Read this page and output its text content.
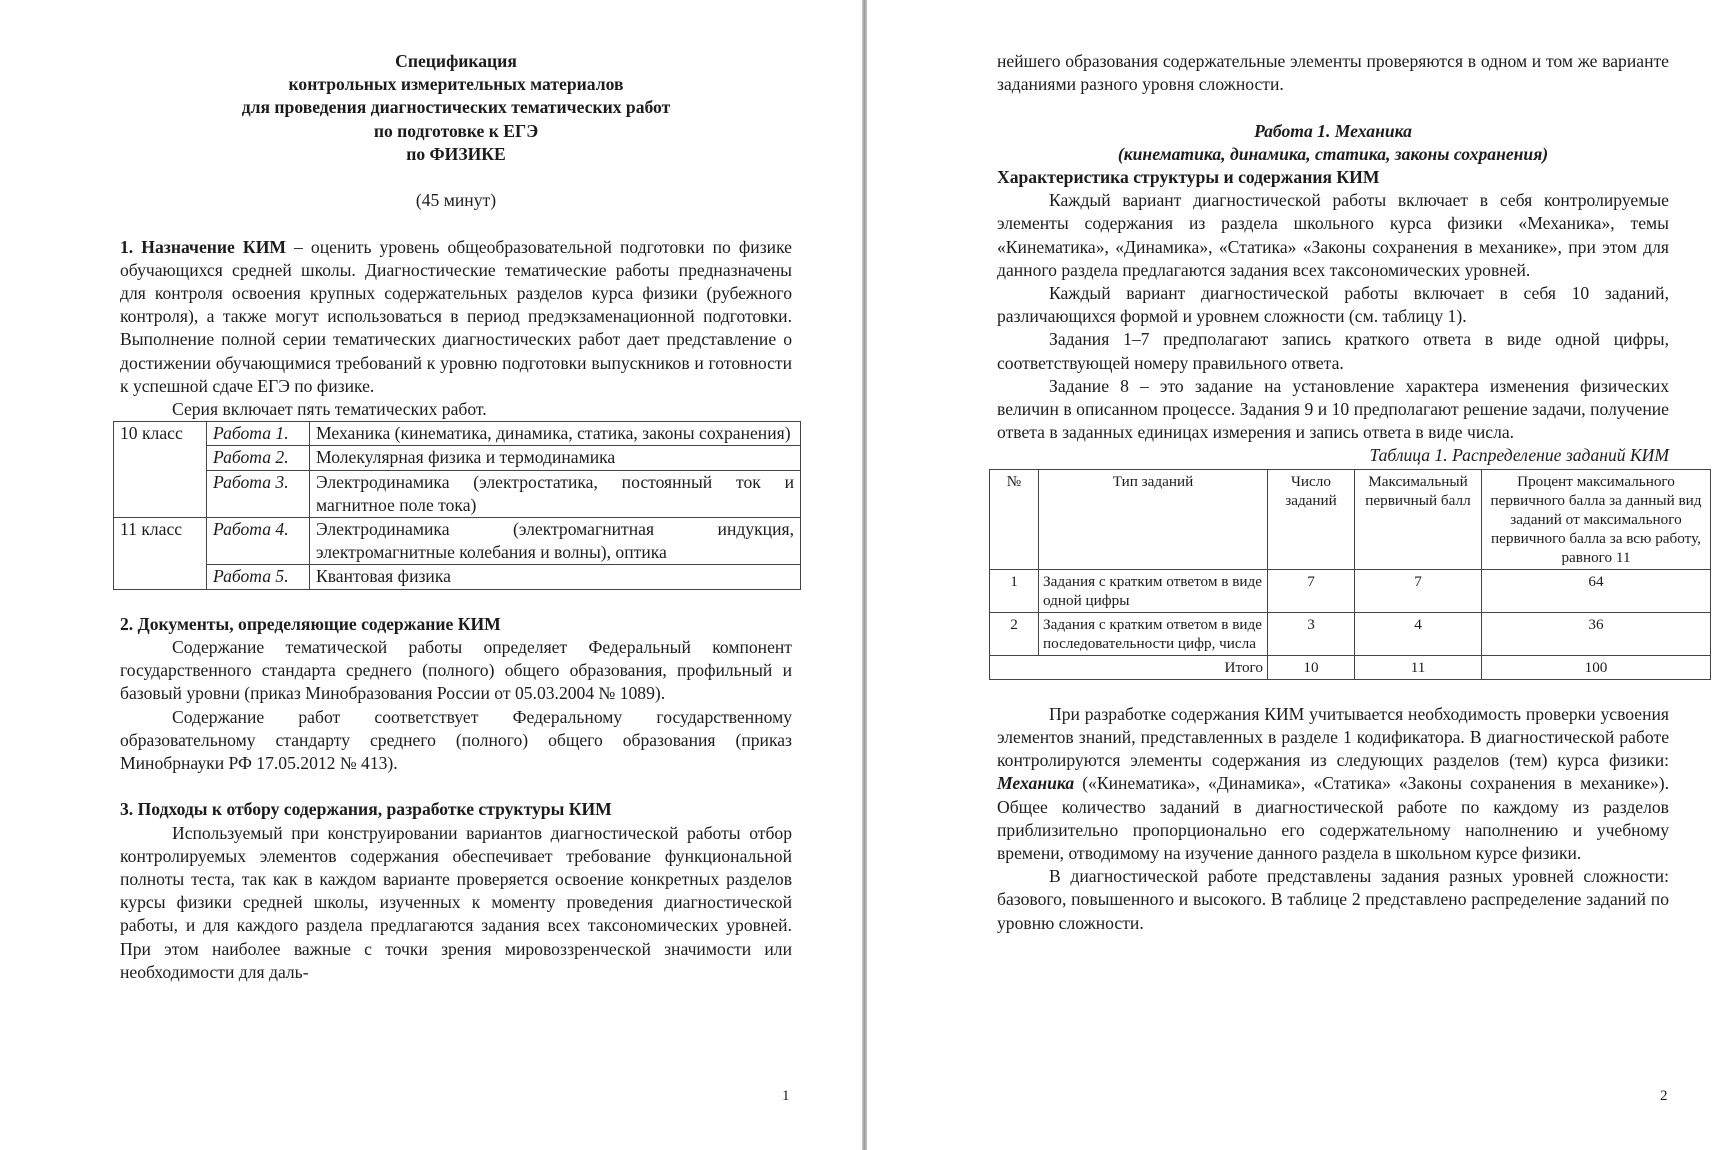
Спецификация
контрольных измерительных материалов
для проведения диагностических тематических работ
по подготовке к ЕГЭ
по ФИЗИКЕ

(45 минут)

1. Назначение КИМ – оценить уровень общеобразовательной подготовки по физике обучающихся средней школы. Диагностические тематические работы предназначены для контроля освоения крупных содержательных разделов курса физики (рубежного контроля), а также могут использоваться в период предэкзаменационной подготовки. Выполнение полной серии тематических диагностических работ дает представление о достижении обучающимися требований к уровню подготовки выпускников и готовности к успешной сдаче ЕГЭ по физике.

Серия включает пять тематических работ.

10 класс	Работа 1.	Механика (кинематика, динамика, статика, законы сохранения)
	Работа 2.	Молекулярная физика и термодинамика
	Работа 3.	Электродинамика (электростатика, постоянный ток и магнитное поле тока)
11 класс	Работа 4.	Электродинамика (электромагнитная индукция, электромагнитные колебания и волны), оптика
	Работа 5.	Квантовая физика

2. Документы, определяющие содержание КИМ

Содержание тематической работы определяет Федеральный компонент государственного стандарта среднего (полного) общего образования, профильный и базовый уровни (приказ Минобразования России от 05.03.2004 № 1089).

Содержание работ соответствует Федеральному государственному образовательному стандарту среднего (полного) общего образования (приказ Минобрнауки РФ 17.05.2012 № 413).

3. Подходы к отбору содержания, разработке структуры КИМ

Используемый при конструировании вариантов диагностической работы отбор контролируемых элементов содержания обеспечивает требование функциональной полноты теста, так как в каждом варианте проверяется освоение конкретных разделов курсы физики средней школы, изученных к моменту проведения диагностической работы, и для каждого раздела предлагаются задания всех таксономических уровней. При этом наиболее важные с точки зрения мировоззренческой значимости или необходимости для даль-

1

нейшего образования содержательные элементы проверяются в одном и том же варианте заданиями разного уровня сложности.

Работа 1. Механика

(кинематика, динамика, статика, законы сохранения)

Характеристика структуры и содержания КИМ

Каждый вариант диагностической работы включает в себя контролируемые элементы содержания из раздела школьного курса физики «Механика», темы «Кинематика», «Динамика», «Статика» «Законы сохранения в механике», при этом для данного раздела предлагаются задания всех таксономических уровней.

Каждый вариант диагностической работы включает в себя 10 заданий, различающихся формой и уровнем сложности (см. таблицу 1).

Задания 1–7 предполагают запись краткого ответа в виде одной цифры, соответствующей номеру правильного ответа.

Задание 8 – это задание на установление характера изменения физических величин в описанном процессе. Задания 9 и 10 предполагают решение задачи, получение ответа в заданных единицах измерения и запись ответа в виде числа.

Таблица 1. Распределение заданий КИМ

№	Тип заданий	Число заданий	Максимальный первичный балл	Процент максимального первичного балла за данный вид заданий от максимального первичного балла за всю работу, равного 11
1	Задания с кратким ответом в виде одной цифры	7	7	64
2	Задания с кратким ответом в виде последовательности цифр, числа	3	4	36
Итого		10	11	100

При разработке содержания КИМ учитывается необходимость проверки усвоения элементов знаний, представленных в разделе 1 кодификатора. В диагностической работе контролируются элементы содержания из следующих разделов (тем) курса физики: Механика («Кинематика», «Динамика», «Статика» «Законы сохранения в механике»). Общее количество заданий в диагностической работе по каждому из разделов приблизительно пропорционально его содержательному наполнению и учебному времени, отводимому на изучение данного раздела в школьном курсе физики.

В диагностической работе представлены задания разных уровней сложности: базового, повышенного и высокого. В таблице 2 представлено распределение заданий по уровню сложности.

2
